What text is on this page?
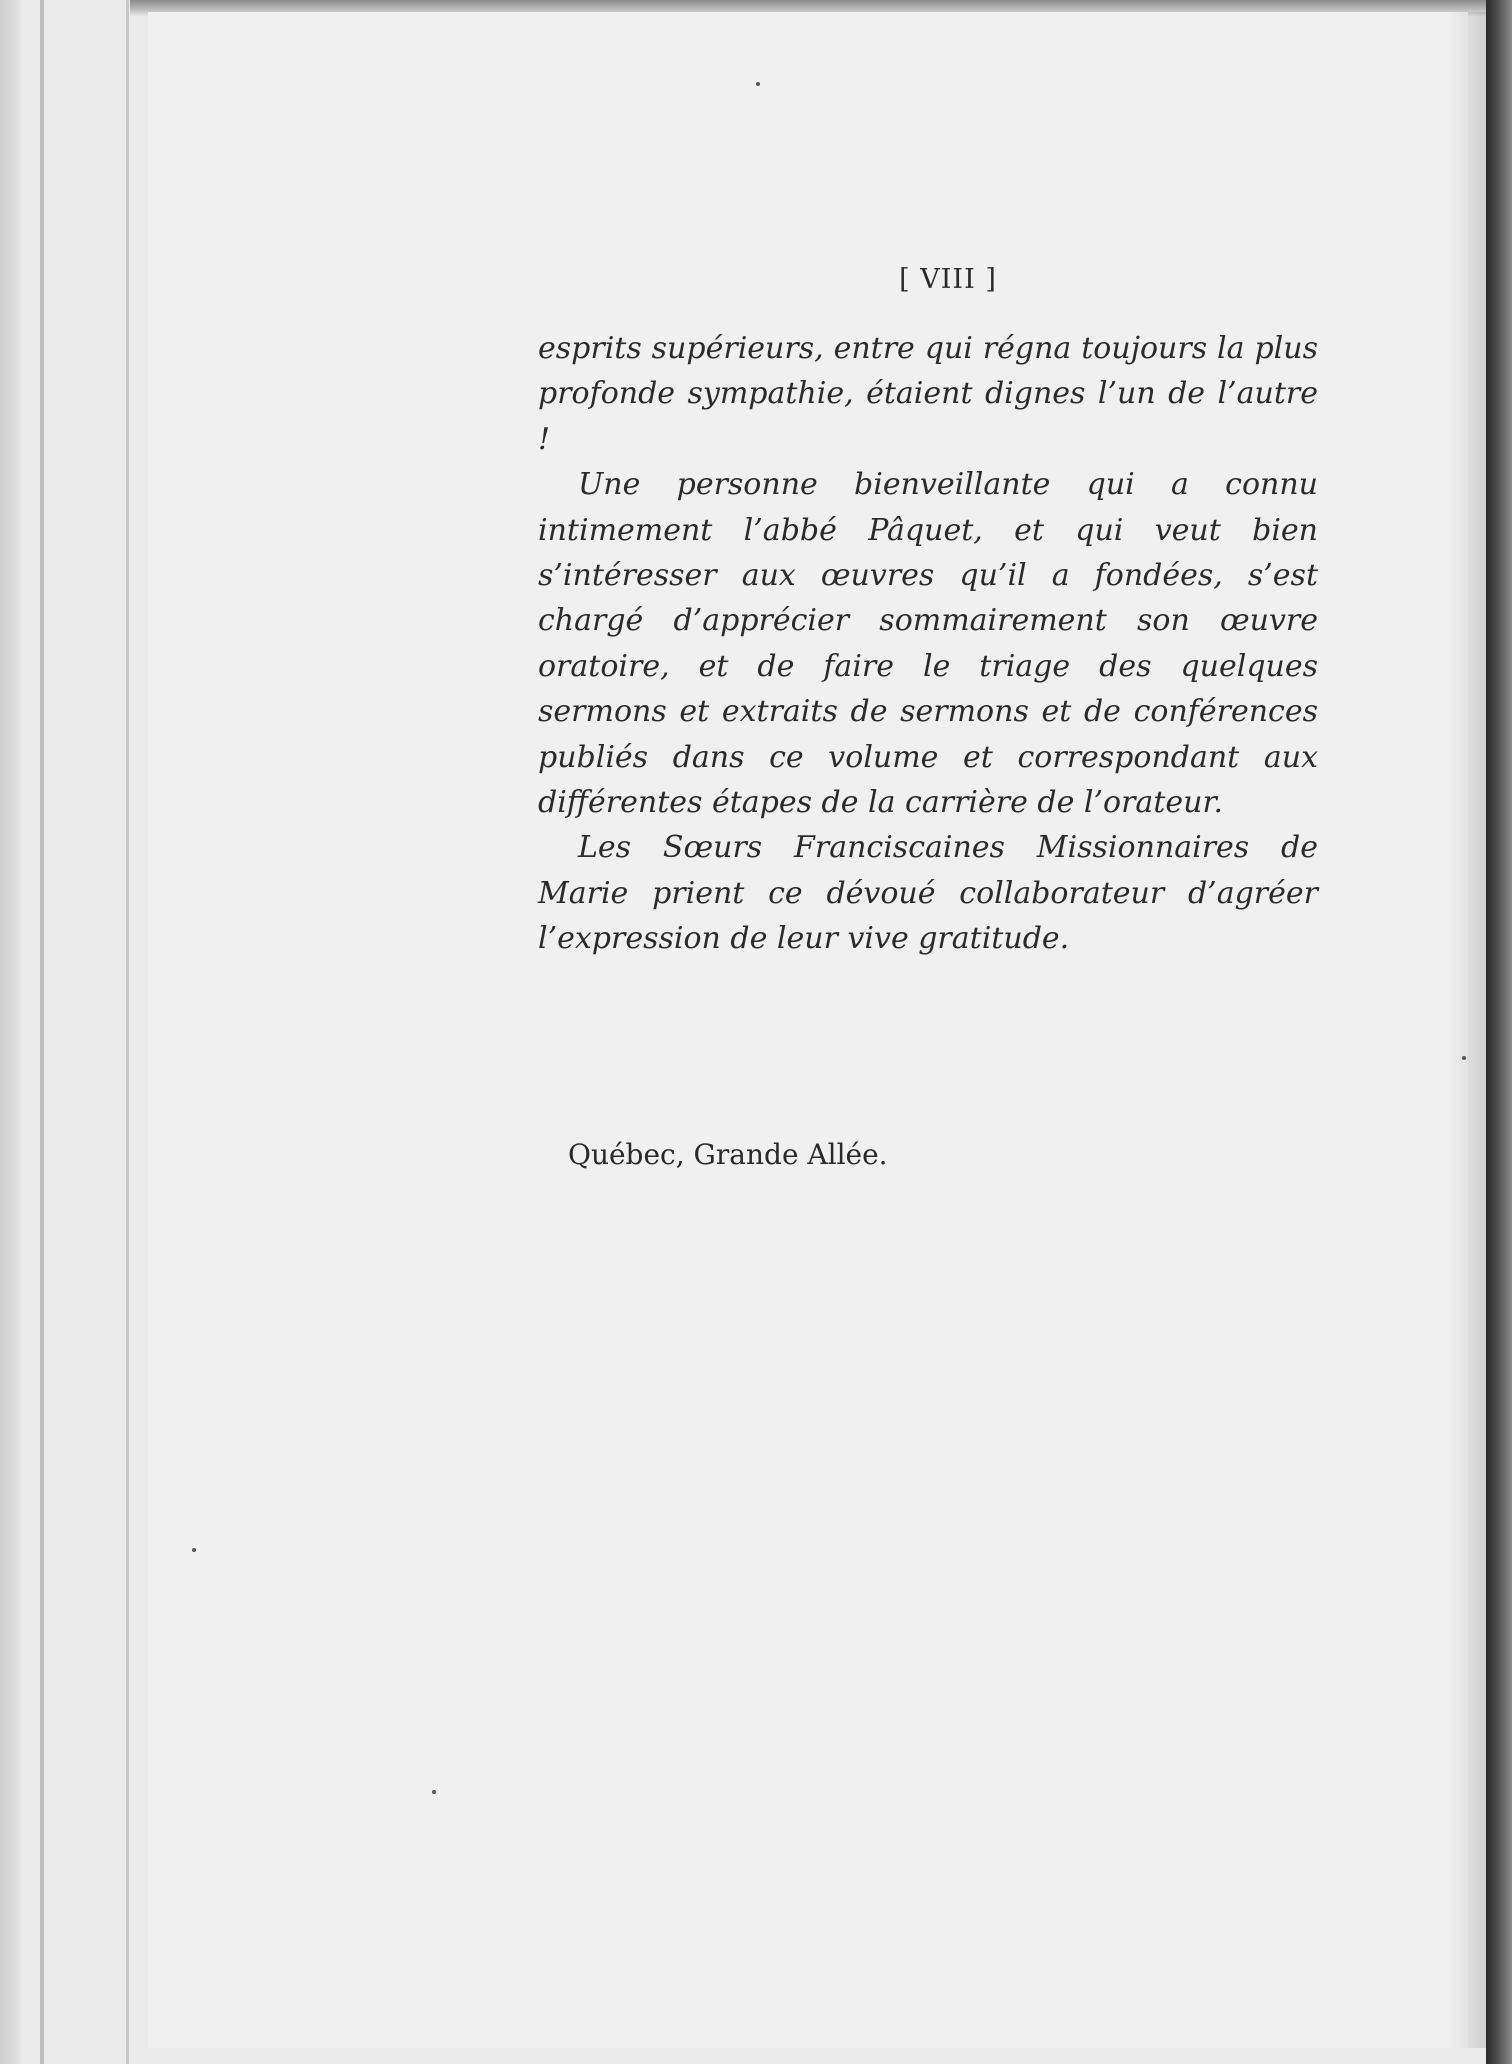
[ VIII ]

esprits supérieurs, entre qui régna toujours la plus profonde sympathie, étaient dignes l’un de l’autre !

Une personne bienveillante qui a connu intimement l’abbé Pâquet, et qui veut bien s’intéresser aux œuvres qu’il a fondées, s’est chargé d’apprécier sommairement son œuvre oratoire, et de faire le triage des quelques sermons et extraits de sermons et de conférences publiés dans ce volume et correspondant aux différentes étapes de la carrière de l’orateur.

Les Sœurs Franciscaines Missionnaires de Marie prient ce dévoué collaborateur d’agréer l’expression de leur vive gratitude.

Québec, Grande Allée.
